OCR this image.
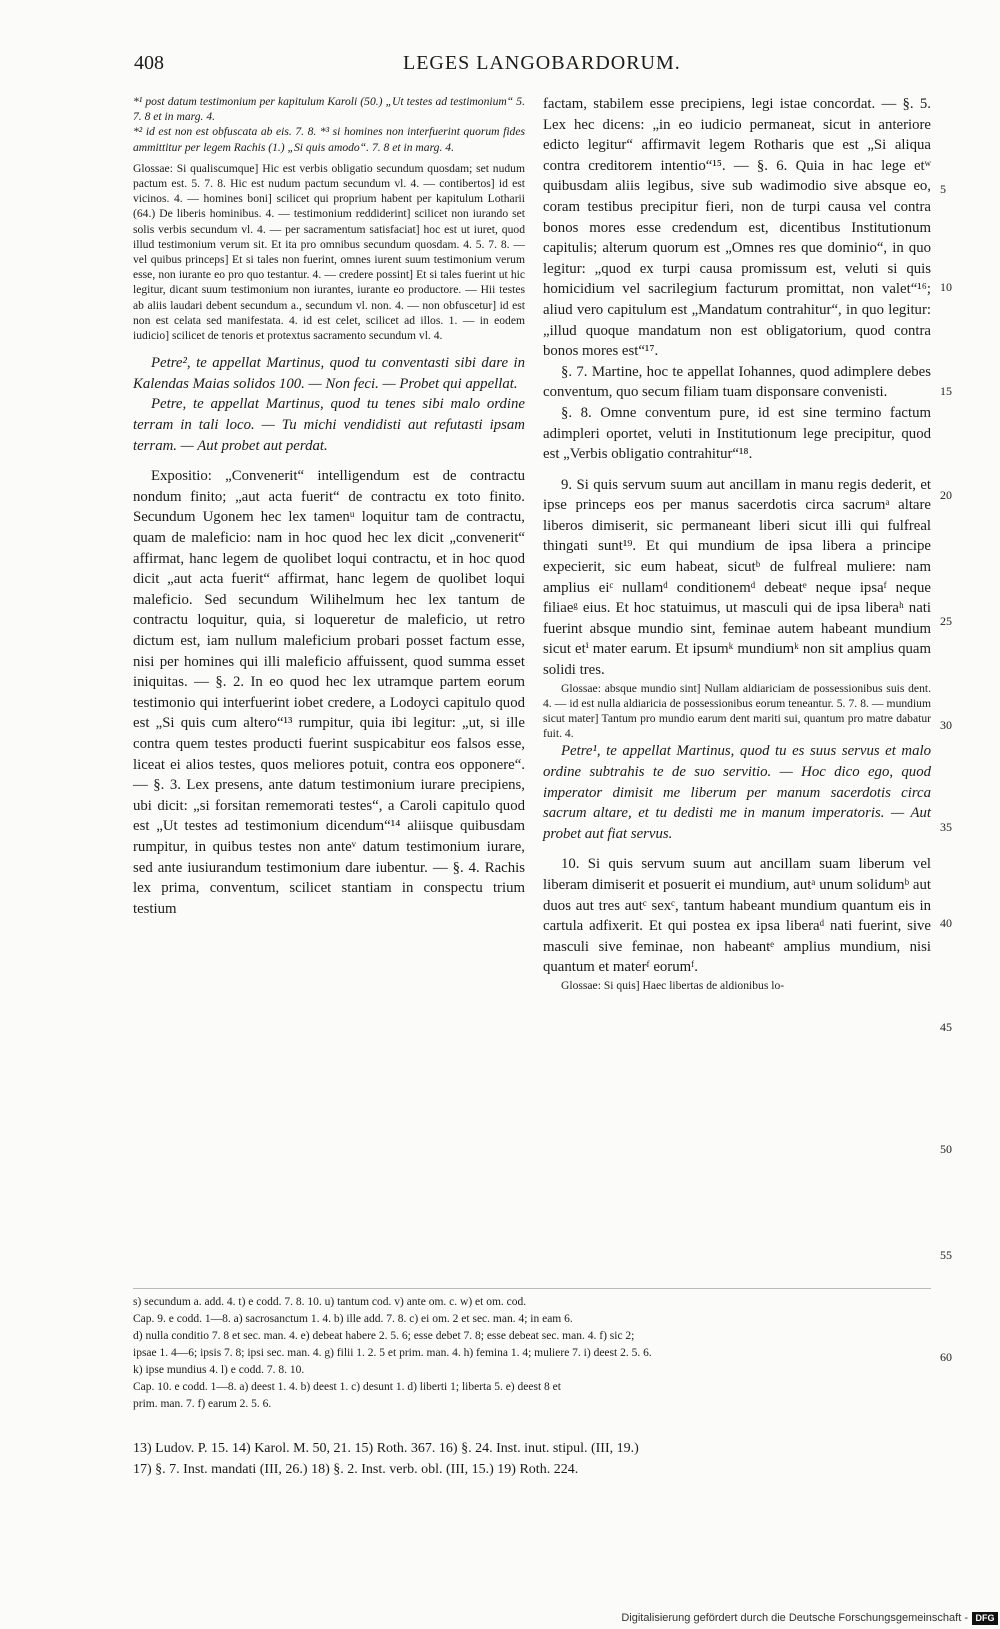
408	LEGES LANGOBARDORUM.

*¹ post datum testimonium per kapitulum Karoli (50.) „Ut testes ad testimonium“ 5. 7. 8 et in marg. 4.

*² id est non est obfuscata ab eis. 7. 8. *³ si homines non interfuerint quorum fides ammittitur per legem Rachis (1.) „Si quis amodo“. 7. 8 et in marg. 4.

Glossae: Si qualiscumque] Hic est verbis obligatio secundum quosdam; set nudum pactum est. 5. 7. 8. Hic est nudum pactum secundum vl. 4. — contibertos] id est vicinos. 4. — homines boni] scilicet qui proprium habent per kapitulum Lotharii (64.) De liberis hominibus. 4. — testimonium reddiderint] scilicet non iurando set solis verbis secundum vl. 4. — per sacramentum satisfaciat] hoc est ut iuret, quod illud testimonium verum sit. Et ita pro omnibus secundum quosdam. 4. 5. 7. 8. — vel quibus princeps] Et si tales non fuerint, omnes iurent suum testimonium verum esse, non iurante eo pro quo testantur. 4. — credere possint] Et si tales fuerint ut hic legitur, dicant suum testimonium non iurantes, iurante eo productore. — Hii testes ab aliis laudari debent secundum a., secundum vl. non. 4. — non obfuscetur] id est non est celata sed manifestata. 4. id est celet, scilicet ad illos. 1. — in eodem iudicio] scilicet de tenoris et protextus sacramento secundum vl. 4.

Petre², te appellat Martinus, quod tu conventasti sibi dare in Kalendas Maias solidos 100. — Non feci. — Probet qui appellat.

Petre, te appellat Martinus, quod tu tenes sibi malo ordine terram in tali loco. — Tu michi vendidisti aut refutasti ipsam terram. — Aut probet aut perdat.

Expositio: „Convenerit“ intelligendum est de contractu nondum finito; „aut acta fuerit“ de contractu ex toto finito. Secundum Ugonem hec lex tamenᵘ loquitur tam de contractu, quam de maleficio: nam in hoc quod hec lex dicit „convenerit“ affirmat, hanc legem de quolibet loqui contractu, et in hoc quod dicit „aut acta fuerit“ affirmat, hanc legem de quolibet loqui maleficio. Sed secundum Wilihelmum hec lex tantum de contractu loquitur, quia, si loqueretur de maleficio, ut retro dictum est, iam nullum maleficium probari posset factum esse, nisi per homines qui illi maleficio affuissent, quod summa esset iniquitas. — §. 2. In eo quod hec lex utramque partem eorum testimonio qui interfuerint iobet credere, a Lodoyci capitulo quod est „Si quis cum altero“¹³ rumpitur, quia ibi legitur: „ut, si ille contra quem testes producti fuerint suspicabitur eos falsos esse, liceat ei alios testes, quos meliores potuit, contra eos opponere“. — §. 3. Lex presens, ante datum testimonium iurare precipiens, ubi dicit: „si forsitan rememorati testes“, a Caroli capitulo quod est „Ut testes ad testimonium dicendum“¹⁴ aliisque quibusdam rumpitur, in quibus testes non anteᵛ datum testimonium iurare, sed ante iusiurandum testimonium dare iubentur. — §. 4. Rachis lex prima, conventum, scilicet stantiam in conspectu trium testium

factam, stabilem esse precipiens, legi istae concordat. — §. 5. Lex hec dicens: „in eo iudicio permaneat, sicut in anteriore edicto legitur“ affirmavit legem Rotharis que est „Si aliqua contra creditorem intentio“¹⁵. — §. 6. Quia in hac lege etʷ quibusdam aliis legibus, sive sub wadimodio sive absque eo, coram testibus precipitur fieri, non de turpi causa vel contra bonos mores esse credendum est, dicentibus Institutionum capitulis; alterum quorum est „Omnes res que dominio“, in quo legitur: „quod ex turpi causa promissum est, veluti si quis homicidium vel sacrilegium facturum promittat, non valet“¹⁶; aliud vero capitulum est „Mandatum contrahitur“, in quo legitur: „illud quoque mandatum non est obligatorium, quod contra bonos mores est“¹⁷.

§. 7. Martine, hoc te appellat Iohannes, quod adimplere debes conventum, quo secum filiam tuam disponsare convenisti.

§. 8. Omne conventum pure, id est sine termino factum adimpleri oportet, veluti in Institutionum lege precipitur, quod est „Verbis obligatio contrahitur“¹⁸.

9. Si quis servum suum aut ancillam in manu regis dederit, et ipse princeps eos per manus sacerdotis circa sacrumᵃ altare liberos dimiserit, sic permaneant liberi sicut illi qui fulfreal thingati sunt¹⁹. Et qui mundium de ipsa libera a principe expecierit, sic eum habeat, sicutᵇ de fulfreal muliere: nam amplius eiᶜ nullamᵈ conditionemᵈ debeatᵉ neque ipsaᶠ neque filiaeᵍ eius. Et hoc statuimus, ut masculi qui de ipsa liberaʰ nati fuerint absque mundio sint, feminae autem habeant mundium sicut etⁱ mater earum. Et ipsumᵏ mundiumᵏ non sit amplius quam solidi tres.

Glossae: absque mundio sint] Nullam aldiariciam de possessionibus suis dent. 4. — id est nulla aldiaricia de possessionibus eorum teneantur. 5. 7. 8. — mundium sicut mater] Tantum pro mundio earum dent mariti sui, quantum pro matre dabatur fuit. 4.

Petre¹, te appellat Martinus, quod tu es suus servus et malo ordine subtrahis te de suo servitio. — Hoc dico ego, quod imperator dimisit me liberum per manum sacerdotis circa sacrum altare, et tu dedisti me in manum imperatoris. — Aut probet aut fiat servus.

10. Si quis servum suum aut ancillam suam liberum vel liberam dimiserit et posuerit ei mundium, autᵃ unum solidumᵇ aut duos aut tres autᶜ sexᶜ, tantum habeant mundium quantum eis in cartula adfixerit. Et qui postea ex ipsa liberaᵈ nati fuerint, sive masculi sive feminae, non habeantᵉ amplius mundium, nisi quantum et materᶠ eorumᶠ.

Glossae: Si quis] Haec libertas de aldionibus lo-

5
10
15
20
25
30
35
40
45
50
55
60
s) secundum a. add. 4. t) e codd. 7. 8. 10. u) tantum cod. v) ante om. c. w) et om. cod.
Cap. 9. e codd. 1—8. a) sacrosanctum 1. 4. b) ille add. 7. 8. c) ei om. 2 et sec. man. 4; in eam 6.
d) nulla conditio 7. 8 et sec. man. 4. e) debeat habere 2. 5. 6; esse debet 7. 8; esse debeat sec. man. 4. f) sic 2;
ipsae 1. 4—6; ipsis 7. 8; ipsi sec. man. 4. g) filii 1. 2. 5 et prim. man. 4. h) femina 1. 4; muliere 7. i) deest 2. 5. 6.
k) ipse mundius 4. l) e codd. 7. 8. 10.
Cap. 10. e codd. 1—8. a) deest 1. 4. b) deest 1. c) desunt 1. d) liberti 1; liberta 5. e) deest 8 et
prim. man. 7. f) earum 2. 5. 6.
13) Ludov. P. 15. 14) Karol. M. 50, 21. 15) Roth. 367. 16) §. 24. Inst. inut. stipul. (III, 19.)
17) §. 7. Inst. mandati (III, 26.) 18) §. 2. Inst. verb. obl. (III, 15.) 19) Roth. 224.
Digitalisierung gefördert durch die Deutsche Forschungsgemeinschaft - DFG
